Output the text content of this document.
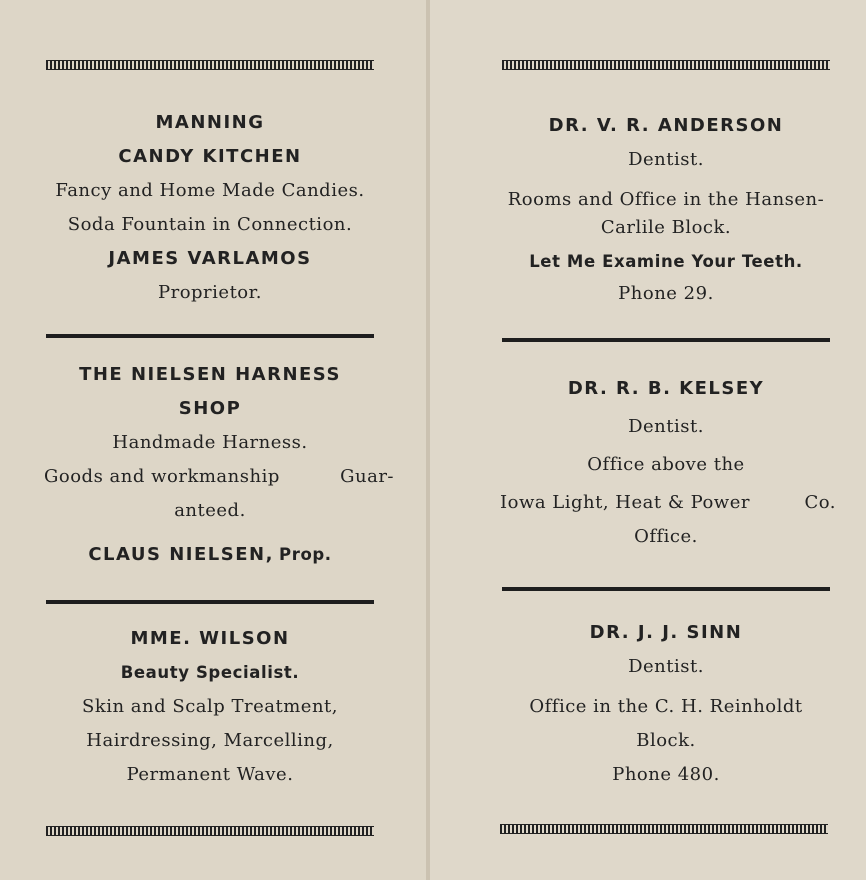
MANNING
CANDY KITCHEN
Fancy and Home Made Candies.
Soda Fountain in Connection.
JAMES VARLAMOS
Proprietor.
THE NIELSEN HARNESS
SHOP
Handmade Harness.
Goods and workmanship	Guar-
anteed.
CLAUS NIELSEN, Prop.
MME. WILSON
Beauty Specialist.
Skin and Scalp Treatment,
Hairdressing, Marcelling,
Permanent Wave.
DR. V. R. ANDERSON
Dentist.
Rooms and Office in the Hansen-
Carlile Block.
Let Me Examine Your Teeth.
Phone 29.
DR. R. B. KELSEY
Dentist.
Office above the
Iowa Light, Heat & Power	Co.
Office.
DR. J. J. SINN
Dentist.
Office in the C. H. Reinholdt
Block.
Phone 480.
